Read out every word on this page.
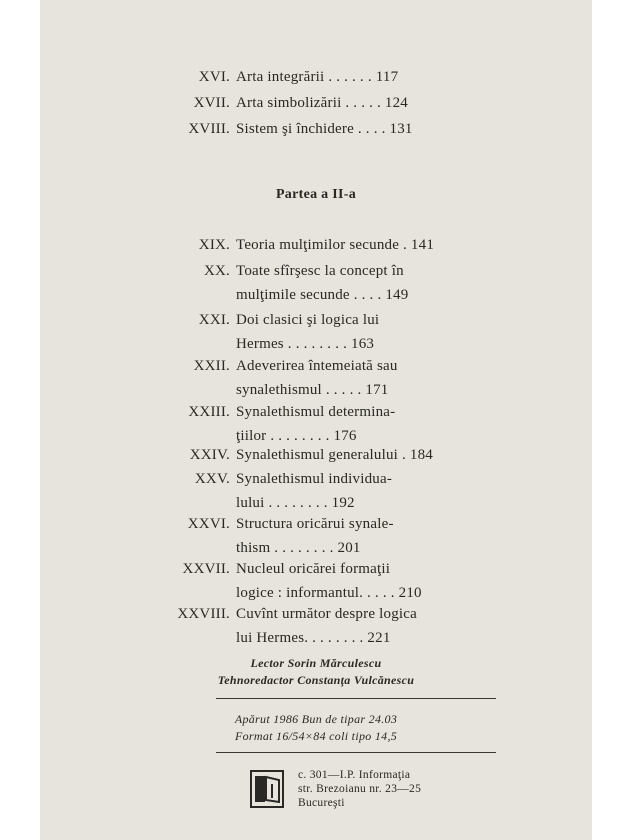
XVI. Arta integrării . . . . . . 117
XVII. Arta simbolizării . . . . . 124
XVIII. Sistem şi închidere . . . . 131
Partea a II-a
XIX. Teoria mulţimilor secunde . 141
XX. Toate sfîrşesc la concept în
mulţimile secunde . . . . 149
XXI. Doi clasici şi logica lui
Hermes . . . . . . . . 163
XXII. Adeverirea întemeiată sau
synalethismul . . . . . 171
XXIII. Synalethismul determina-
ţiilor . . . . . . . . 176
XXIV. Synalethismul generalului . 184
XXV. Synalethismul individua-
lului . . . . . . . . 192
XXVI. Structura oricărui synale-
thism . . . . . . . . 201
XXVII. Nucleul oricărei formaţii
logice : informantul. . . . . 210
XXVIII. Cuvînt următor despre logica
lui Hermes. . . . . . . . 221
Lector Sorin Mărculescu
Tehnoredactor Constanţa Vulcănescu
Apărut 1986 Bun de tipar 24.03
Format 16/54×84 coli tipo 14,5
c. 301—I.P. Informaţia
str. Brezoianu nr. 23—25
Bucureşti
